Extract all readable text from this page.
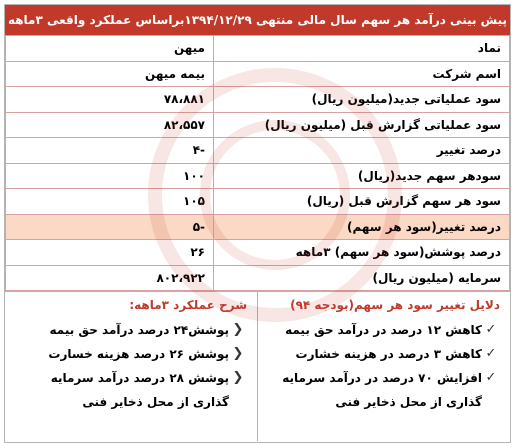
پیش بینی درآمد هر سهم سال مالی منتهی ۱۳۹۴/۱۲/۲۹براساس عملکرد واقعی ۳ماهه
نماد	میهن
اسم شرکت	بیمه میهن
سود عملیاتی جدید(میلیون ریال)	۷۸،۸۸۱
سود عملیاتی گزارش قبل (میلیون ریال)	۸۲،۵۵۷
درصد تغییر	-۴
سودهر سهم جدید(ریال)	۱۰۰
سود هر سهم گزارش قبل (ریال)	۱۰۵
درصد تغییر(سود هر سهم)	-۵
درصد پوشش(سود هر سهم) ۳ماهه	۲۶
سرمایه (میلیون ریال)	۸۰۲،۹۲۲
دلایل تغییر سود هر سهم(بودجه ۹۴)
✓
کاهش ۱۲ درصد در درآمد حق بیمه
✓
کاهش ۳ درصد در هزینه خشارت
✓
افزایش ۷۰ درصد در درآمد سرمایه گذاری از محل ذخایر فنی
شرح عملکرد ۳ماهه:
❮
پوشش۲۴ درصد درآمد حق بیمه
❮
پوشش ۲۶ درصد هزینه خسارت
❮
پوشش ۲۸ درصد درآمد سرمایه گذاری از محل ذخایر فنی
